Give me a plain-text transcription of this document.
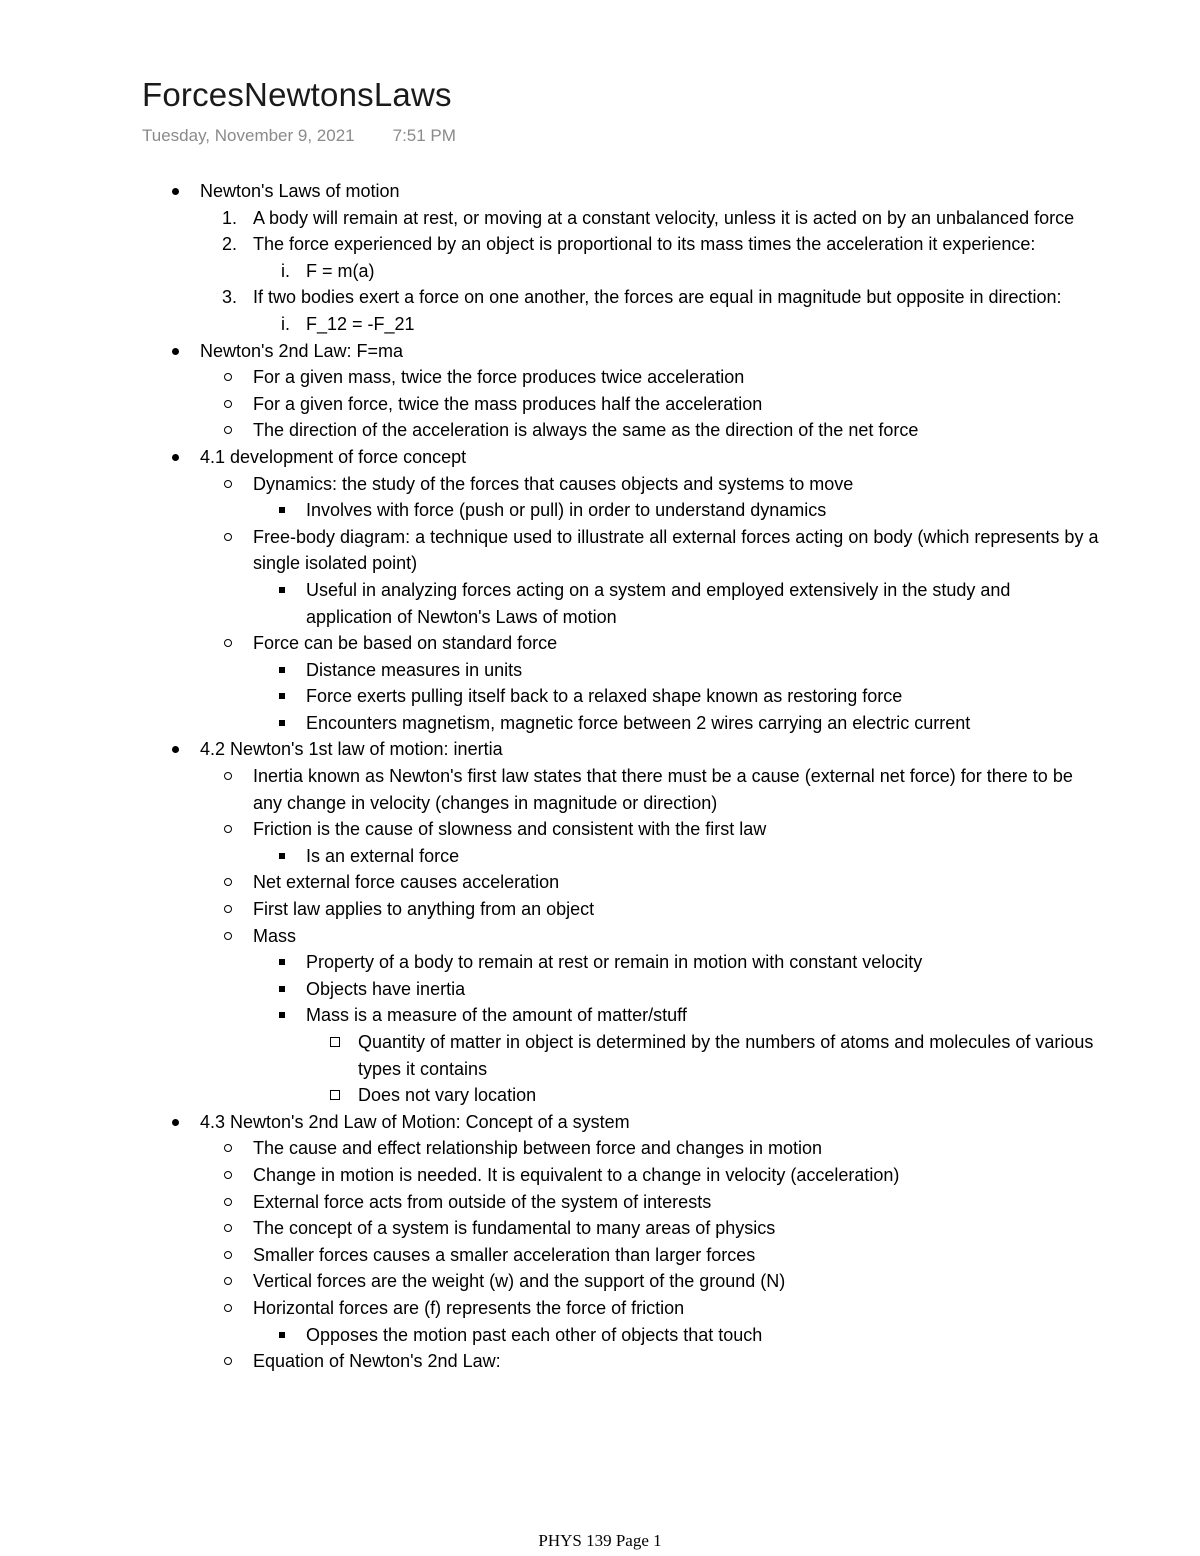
ForcesNewtonsLaws
Tuesday, November 9, 2021 7:51 PM
Newton's Laws of motion
1. A body will remain at rest, or moving at a constant velocity, unless it is acted on by an unbalanced force
2. The force experienced by an object is proportional to its mass times the acceleration it experience:
i. F = m(a)
3. If two bodies exert a force on one another, the forces are equal in magnitude but opposite in direction:
i. F_12 = -F_21
Newton's 2nd Law: F=ma
For a given mass, twice the force produces twice acceleration
For a given force, twice the mass produces half the acceleration
The direction of the acceleration is always the same as the direction of the net force
4.1 development of force concept
Dynamics: the study of the forces that causes objects and systems to move
Involves with force (push or pull) in order to understand dynamics
Free-body diagram: a technique used to illustrate all external forces acting on body (which represents by a single isolated point)
Useful in analyzing forces acting on a system and employed extensively in the study and application of Newton's Laws of motion
Force can be based on standard force
Distance measures in units
Force exerts pulling itself back to a relaxed shape known as restoring force
Encounters magnetism, magnetic force between 2 wires carrying an electric current
4.2 Newton's 1st law of motion: inertia
Inertia known as Newton's first law states that there must be a cause (external net force) for there to be any change in velocity (changes in magnitude or direction)
Friction is the cause of slowness and consistent with the first law
Is an external force
Net external force causes acceleration
First law applies to anything from an object
Mass
Property of a body to remain at rest or remain in motion with constant velocity
Objects have inertia
Mass is a measure of the amount of matter/stuff
Quantity of matter in object is determined by the numbers of atoms and molecules of various types it contains
Does not vary location
4.3 Newton's 2nd Law of Motion: Concept of a system
The cause and effect relationship between force and changes in motion
Change in motion is needed. It is equivalent to a change in velocity (acceleration)
External force acts from outside of the system of interests
The concept of a system is fundamental to many areas of physics
Smaller forces causes a smaller acceleration than larger forces
Vertical forces are the weight (w) and the support of the ground (N)
Horizontal forces are (f) represents the force of friction
Opposes the motion past each other of objects that touch
Equation of Newton's 2nd Law:
PHYS 139 Page 1
